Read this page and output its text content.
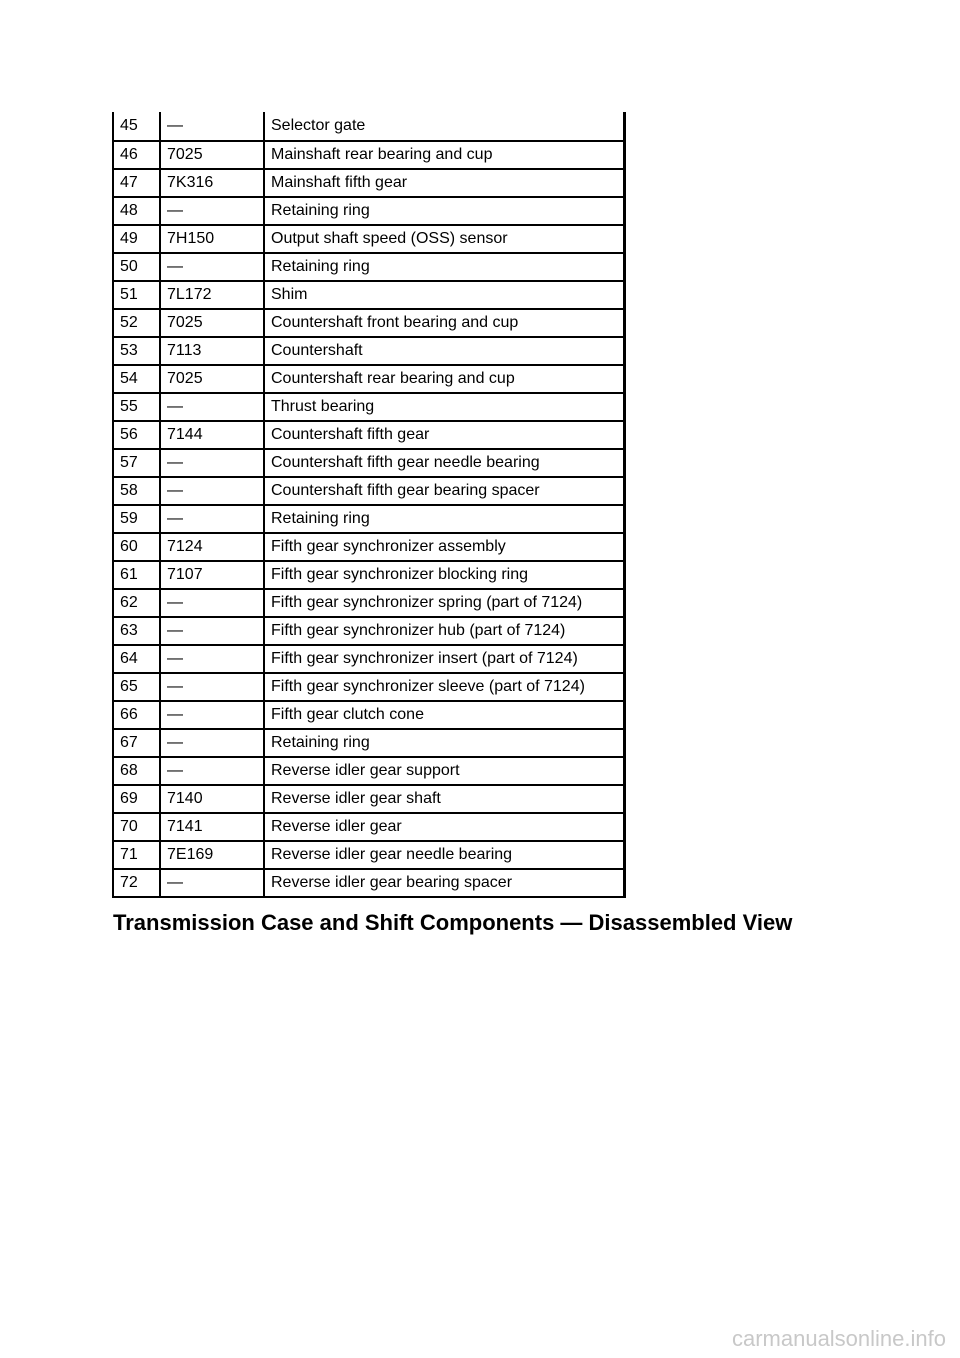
45	—	Selector gate
46	7025	Mainshaft rear bearing and cup
47	7K316	Mainshaft fifth gear
48	—	Retaining ring
49	7H150	Output shaft speed (OSS) sensor
50	—	Retaining ring
51	7L172	Shim
52	7025	Countershaft front bearing and cup
53	7113	Countershaft
54	7025	Countershaft rear bearing and cup
55	—	Thrust bearing
56	7144	Countershaft fifth gear
57	—	Countershaft fifth gear needle bearing
58	—	Countershaft fifth gear bearing spacer
59	—	Retaining ring
60	7124	Fifth gear synchronizer assembly
61	7107	Fifth gear synchronizer blocking ring
62	—	Fifth gear synchronizer spring (part of 7124)
63	—	Fifth gear synchronizer hub (part of 7124)
64	—	Fifth gear synchronizer insert (part of 7124)
65	—	Fifth gear synchronizer sleeve (part of 7124)
66	—	Fifth gear clutch cone
67	—	Retaining ring
68	—	Reverse idler gear support
69	7140	Reverse idler gear shaft
70	7141	Reverse idler gear
71	7E169	Reverse idler gear needle bearing
72	—	Reverse idler gear bearing spacer
Transmission Case and Shift Components — Disassembled View
carmanualsonline.info
